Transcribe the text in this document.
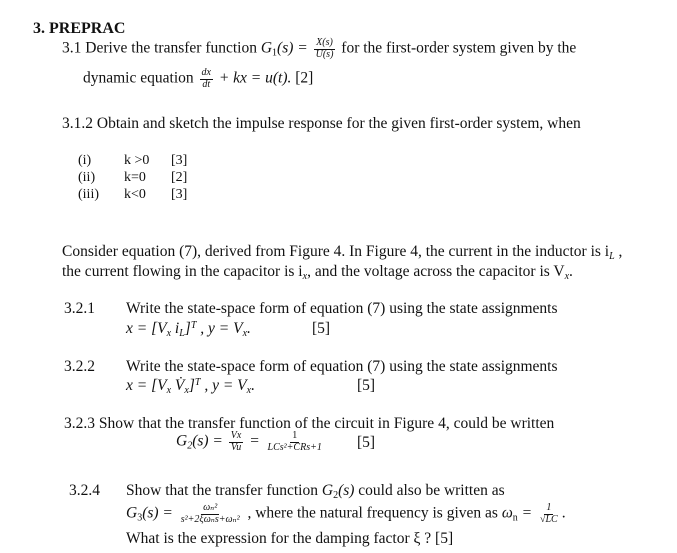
3. PREPRAC
3.1 Derive the transfer function $G_1(s) = \frac{X(s)}{U(s)}$ for the first-order system given by the
dynamic equation $\frac{dx}{dt}$ + kx = u(t). [2]
3.1.2 Obtain and sketch the impulse response for the given first-order system, when
(i) k >0 [3]
(ii) k=0 [2]
(iii) k<0 [3]
Consider equation (7), derived from Figure 4. In Figure 4, the current in the inductor is $i_L$ ,
the current flowing in the capacitor is $i_x$, and the voltage across the capacitor is $V_x$.
3.2.1 Write the state-space form of equation (7) using the state assignments
$x = [V_x$ $i_L]^T$ , $y = V_x$.	[5]
3.2.2 Write the state-space form of equation (7) using the state assignments
$x = [V_x$ $V̇_x]^T$ , $y = V_x$.	[5]
3.2.3 Show that the transfer function of the circuit in Figure 4, could be written
$G_2(s) = \frac{Vx}{Vu} = \frac{1}{\text{LCs²+CRs+1}} [5]$
3.2.4 Show that the transfer function $G_2(s)$ could also be written as
$G_3(s) = \frac{\text{ωₙ²}}{\text{s²+2ξωₙs+ωₙ²}}$ , where the natural frequency is given as $\omega_n = \frac{1}{√LC}$ .
What is the expression for the damping factor ξ ? [5]
